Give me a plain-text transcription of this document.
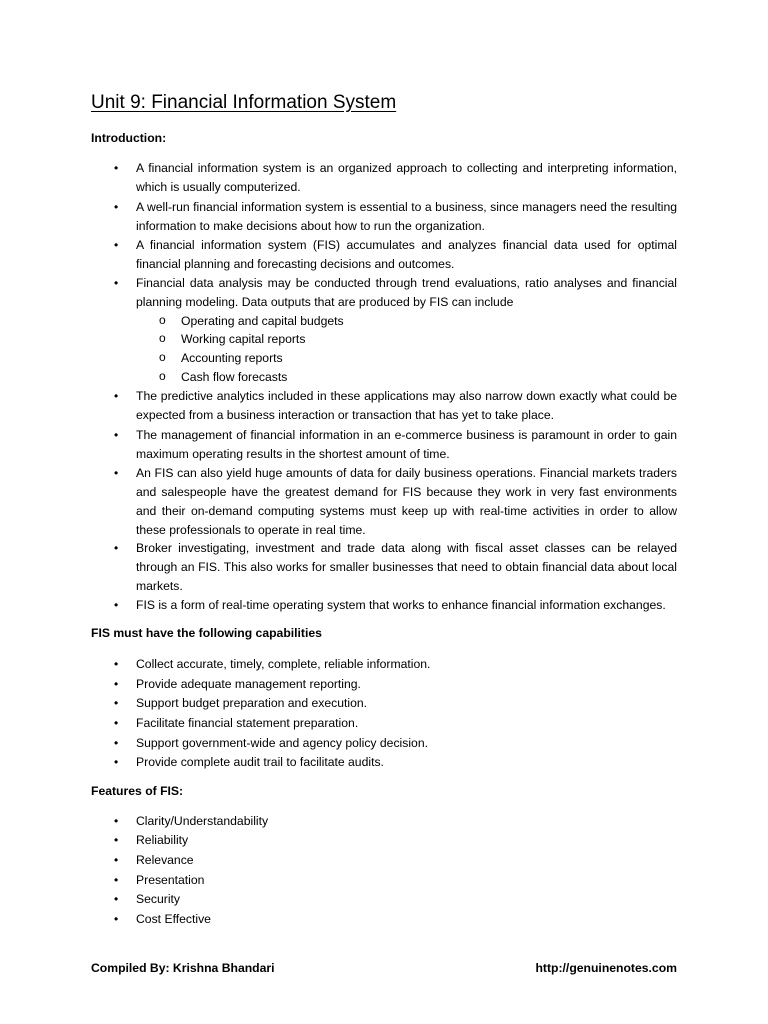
Unit 9: Financial Information System
Introduction:
• A financial information system is an organized approach to collecting and interpreting information, which is usually computerized.
• A well-run financial information system is essential to a business, since managers need the resulting information to make decisions about how to run the organization.
• A financial information system (FIS) accumulates and analyzes financial data used for optimal financial planning and forecasting decisions and outcomes.
• Financial data analysis may be conducted through trend evaluations, ratio analyses and financial planning modeling. Data outputs that are produced by FIS can include
o Operating and capital budgets
o Working capital reports
o Accounting reports
o Cash flow forecasts
• The predictive analytics included in these applications may also narrow down exactly what could be expected from a business interaction or transaction that has yet to take place.
• The management of financial information in an e-commerce business is paramount in order to gain maximum operating results in the shortest amount of time.
• An FIS can also yield huge amounts of data for daily business operations. Financial markets traders and salespeople have the greatest demand for FIS because they work in very fast environments and their on-demand computing systems must keep up with real-time activities in order to allow these professionals to operate in real time.
• Broker investigating, investment and trade data along with fiscal asset classes can be relayed through an FIS. This also works for smaller businesses that need to obtain financial data about local markets.
• FIS is a form of real-time operating system that works to enhance financial information exchanges.
FIS must have the following capabilities
• Collect accurate, timely, complete, reliable information.
• Provide adequate management reporting.
• Support budget preparation and execution.
• Facilitate financial statement preparation.
• Support government-wide and agency policy decision.
• Provide complete audit trail to facilitate audits.
Features of FIS:
• Clarity/Understandability
• Reliability
• Relevance
• Presentation
• Security
• Cost Effective
Compiled By: Krishna Bhandari	http://genuinenotes.com
